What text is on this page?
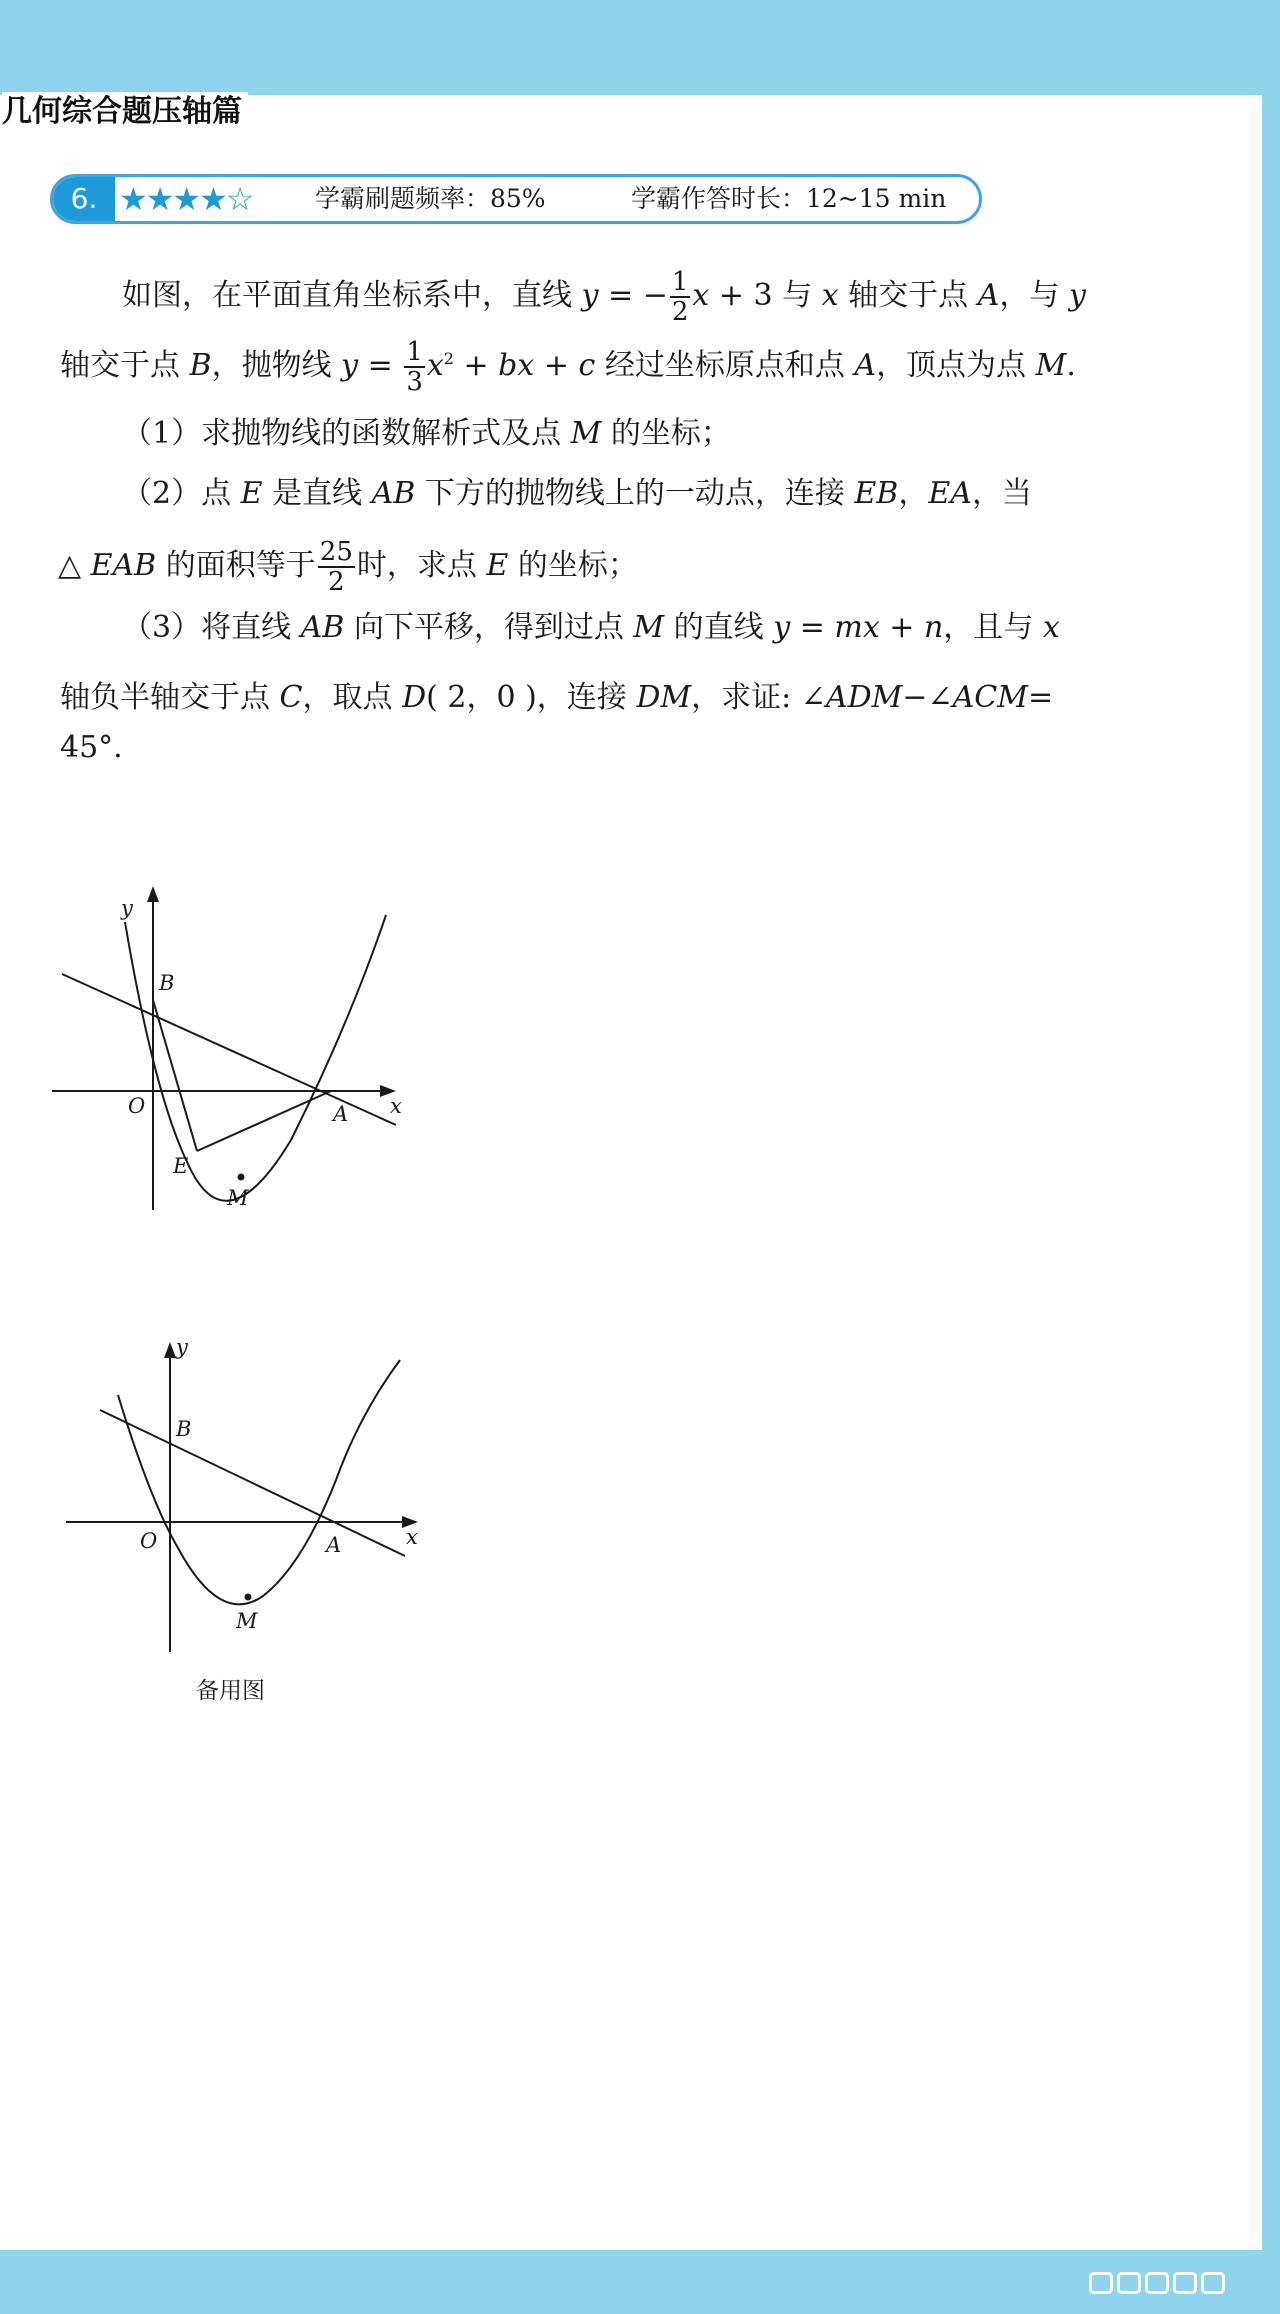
几何综合题压轴篇
6. ★★★★☆	学霸刷题频率：85%	学霸作答时长：12~15 min
如图，在平面直角坐标系中，直线 y = − $\frac{1}{2}$ x + 3 与 x 轴交于点 A，与 y
轴交于点 B，抛物线 $y = \frac{1}{3} x^2$ + bx + c 经过坐标原点和点 A，顶点为点 M.
（1）求抛物线的函数解析式及点 M 的坐标；
（2）点 E 是直线 AB 下方的抛物线上的一动点，连接 EB，EA，当
△ EAB 的面积等于 $\frac{25}{2}$ 时，求点 E 的坐标；
（3）将直线 AB 向下平移，得到过点 M 的直线 y = mx + n，且与 x
轴负半轴交于点 C，取点 D( 2，0 )，连接 DM，求证: ∠ADM−∠ACM=
45°.
y
x
B
O	A
E
M
y
x
B
O	A
M
备用图
